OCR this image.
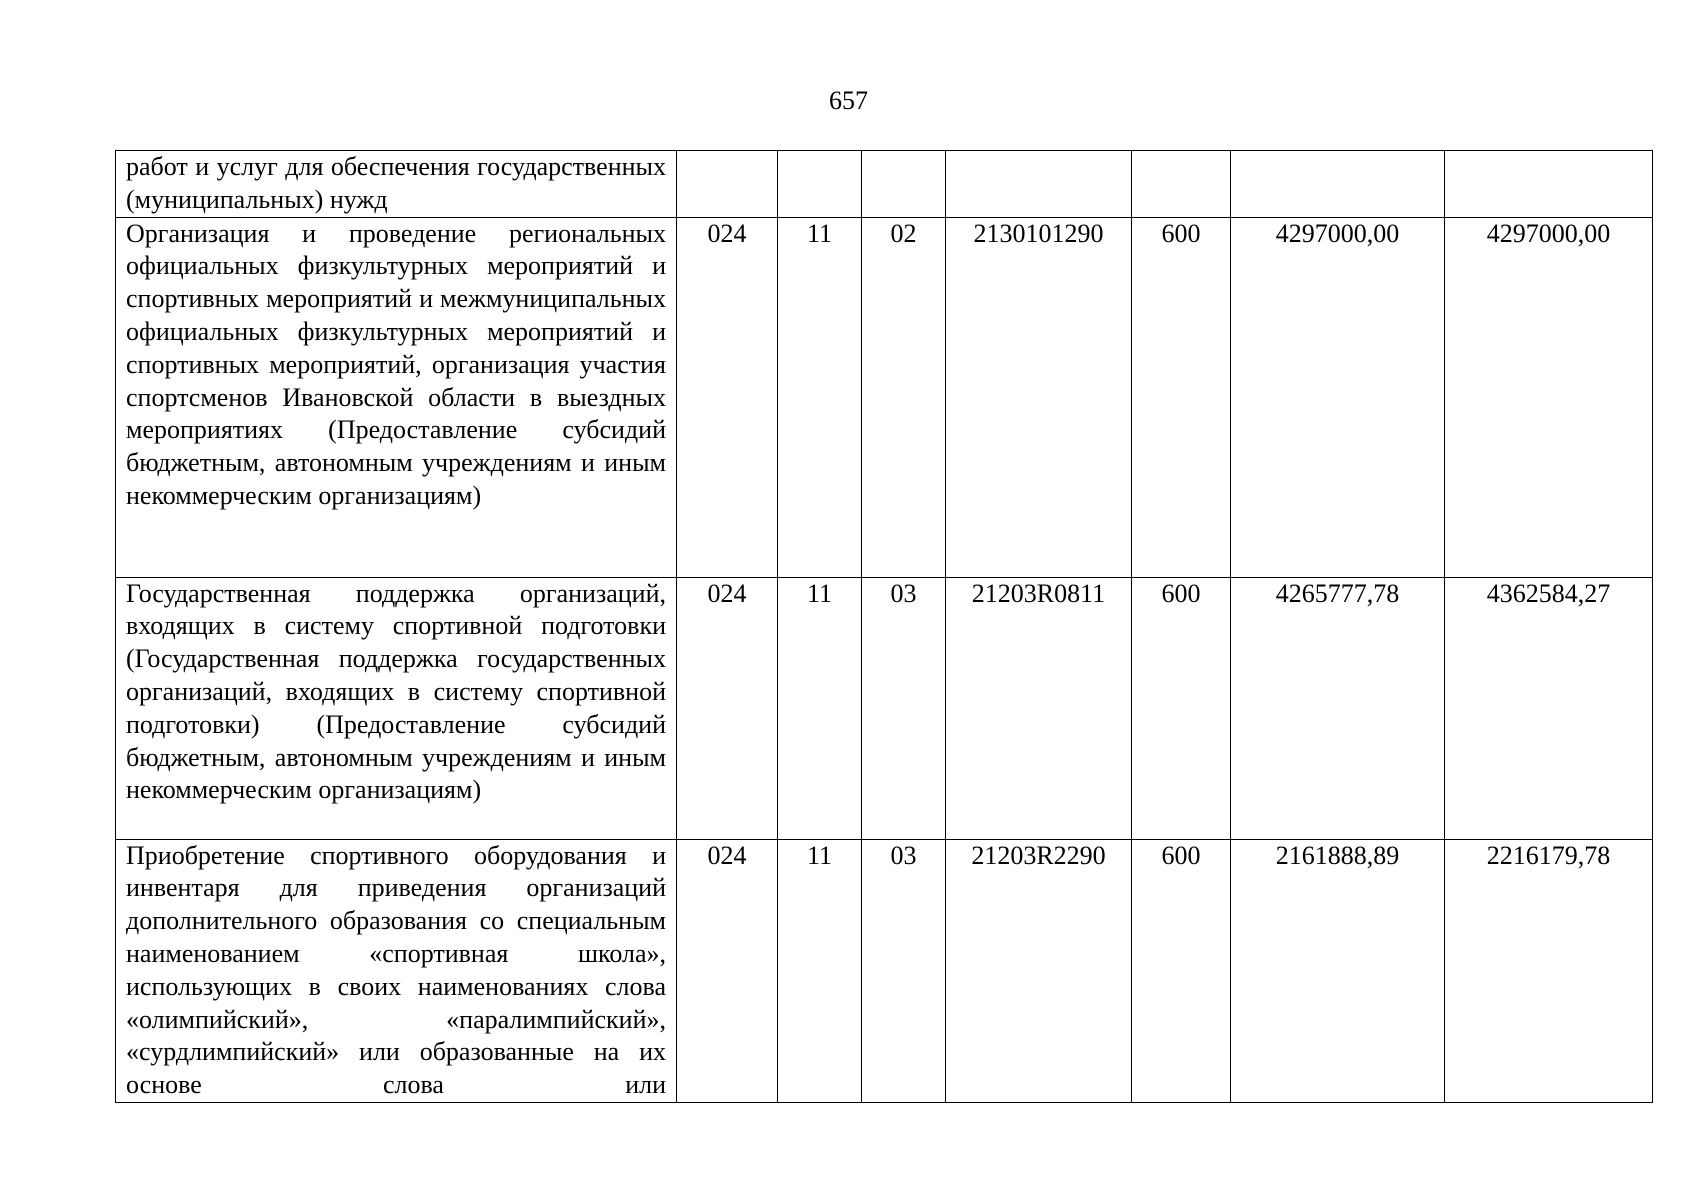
657
работ и услуг для обеспечения государственных (муниципальных) нужд							
Организация и проведение региональных официальных физкультурных мероприятий и спортивных мероприятий и межмуниципальных официальных физкультурных мероприятий и спортивных мероприятий, организация участия спортсменов Ивановской области в выездных мероприятиях (Предоставление субсидий бюджетным, автономным учреждениям и иным некоммерческим организациям)	024	11	02	2130101290	600	4297000,00	4297000,00
Государственная поддержка организаций, входящих в систему спортивной подготовки (Государственная поддержка государственных организаций, входящих в систему спортивной подготовки) (Предоставление субсидий бюджетным, автономным учреждениям и иным некоммерческим организациям)	024	11	03	21203R0811	600	4265777,78	4362584,27
Приобретение спортивного оборудования и инвентаря для приведения организаций дополнительного образования со специальным наименованием «спортивная школа», использующих в своих наименованиях слова «олимпийский», «паралимпийский», «сурдлимпийский» или образованные на их основе слова или	024	11	03	21203R2290	600	2161888,89	2216179,78
